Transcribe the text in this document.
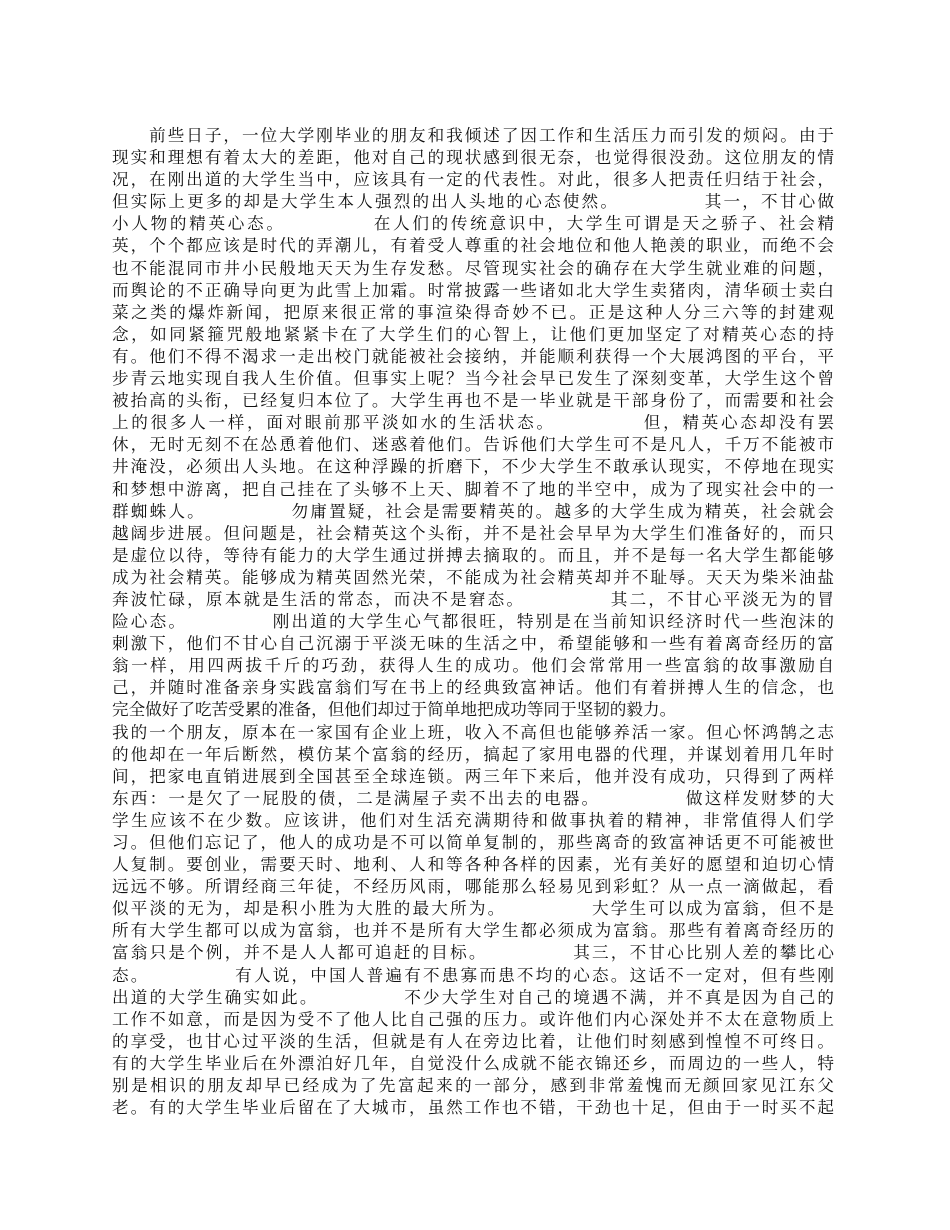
　　前些日子，一位大学刚毕业的朋友和我倾述了因工作和生活压力而引发的烦闷。由于
现实和理想有着太大的差距，他对自己的现状感到很无奈，也觉得很没劲。这位朋友的情
况，在刚出道的大学生当中，应该具有一定的代表性。对此，很多人把责任归结于社会，
但实际上更多的却是大学生本人强烈的出人头地的心态使然。　　　　　其一，不甘心做
小人物的精英心态。　　　　　在人们的传统意识中，大学生可谓是天之骄子、社会精
英，个个都应该是时代的弄潮儿，有着受人尊重的社会地位和他人艳羡的职业，而绝不会
也不能混同市井小民般地天天为生存发愁。尽管现实社会的确存在大学生就业难的问题，
而舆论的不正确导向更为此雪上加霜。时常披露一些诸如北大学生卖猪肉，清华硕士卖白
菜之类的爆炸新闻，把原来很正常的事渲染得奇妙不已。正是这种人分三六等的封建观
念，如同紧箍咒般地紧紧卡在了大学生们的心智上，让他们更加坚定了对精英心态的持
有。他们不得不渴求一走出校门就能被社会接纳，并能顺利获得一个大展鸿图的平台，平
步青云地实现自我人生价值。但事实上呢？当今社会早已发生了深刻变革，大学生这个曾
被抬高的头衔，已经复归本位了。大学生再也不是一毕业就是干部身份了，而需要和社会
上的很多人一样，面对眼前那平淡如水的生活状态。　　　　　但，精英心态却没有罢
休，无时无刻不在怂恿着他们、迷惑着他们。告诉他们大学生可不是凡人，千万不能被市
井淹没，必须出人头地。在这种浮躁的折磨下，不少大学生不敢承认现实，不停地在现实
和梦想中游离，把自己挂在了头够不上天、脚着不了地的半空中，成为了现实社会中的一
群蜘蛛人。　　　　　勿庸置疑，社会是需要精英的。越多的大学生成为精英，社会就会
越阔步进展。但问题是，社会精英这个头衔，并不是社会早早为大学生们准备好的，而只
是虚位以待，等待有能力的大学生通过拼搏去摘取的。而且，并不是每一名大学生都能够
成为社会精英。能够成为精英固然光荣，不能成为社会精英却并不耻辱。天天为柴米油盐
奔波忙碌，原本就是生活的常态，而决不是窘态。　　　　　其二，不甘心平淡无为的冒
险心态。　　　　　刚出道的大学生心气都很旺，特别是在当前知识经济时代一些泡沫的
刺激下，他们不甘心自己沉溺于平淡无味的生活之中，希望能够和一些有着离奇经历的富
翁一样，用四两拔千斤的巧劲，获得人生的成功。他们会常常用一些富翁的故事激励自
己，并随时准备亲身实践富翁们写在书上的经典致富神话。他们有着拼搏人生的信念，也
完全做好了吃苦受累的准备，但他们却过于简单地把成功等同于坚韧的毅力。
我的一个朋友，原本在一家国有企业上班，收入不高但也能够养活一家。但心怀鸿鹄之志
的他却在一年后断然，模仿某个富翁的经历，搞起了家用电器的代理，并谋划着用几年时
间，把家电直销进展到全国甚至全球连锁。两三年下来后，他并没有成功，只得到了两样
东西：一是欠了一屁股的债，二是满屋子卖不出去的电器。　　　　　做这样发财梦的大
学生应该不在少数。应该讲，他们对生活充满期待和做事执着的精神，非常值得人们学
习。但他们忘记了，他人的成功是不可以简单复制的，那些离奇的致富神话更不可能被世
人复制。要创业，需要天时、地利、人和等各种各样的因素，光有美好的愿望和迫切心情
远远不够。所谓经商三年徒，不经历风雨，哪能那么轻易见到彩虹？从一点一滴做起，看
似平淡的无为，却是积小胜为大胜的最大所为。　　　　　大学生可以成为富翁，但不是
所有大学生都可以成为富翁，也并不是所有大学生都必须成为富翁。那些有着离奇经历的
富翁只是个例，并不是人人都可追赶的目标。　　　　　其三，不甘心比别人差的攀比心
态。　　　　　有人说，中国人普遍有不患寡而患不均的心态。这话不一定对，但有些刚
出道的大学生确实如此。　　　　　不少大学生对自己的境遇不满，并不真是因为自己的
工作不如意，而是因为受不了他人比自己强的压力。或许他们内心深处并不太在意物质上
的享受，也甘心过平淡的生活，但就是有人在旁边比着，让他们时刻感到惶惶不可终日。
有的大学生毕业后在外漂泊好几年，自觉没什么成就不能衣锦还乡，而周边的一些人，特
别是相识的朋友却早已经成为了先富起来的一部分，感到非常羞愧而无颜回家见江东父
老。有的大学生毕业后留在了大城市，虽然工作也不错，干劲也十足，但由于一时买不起
